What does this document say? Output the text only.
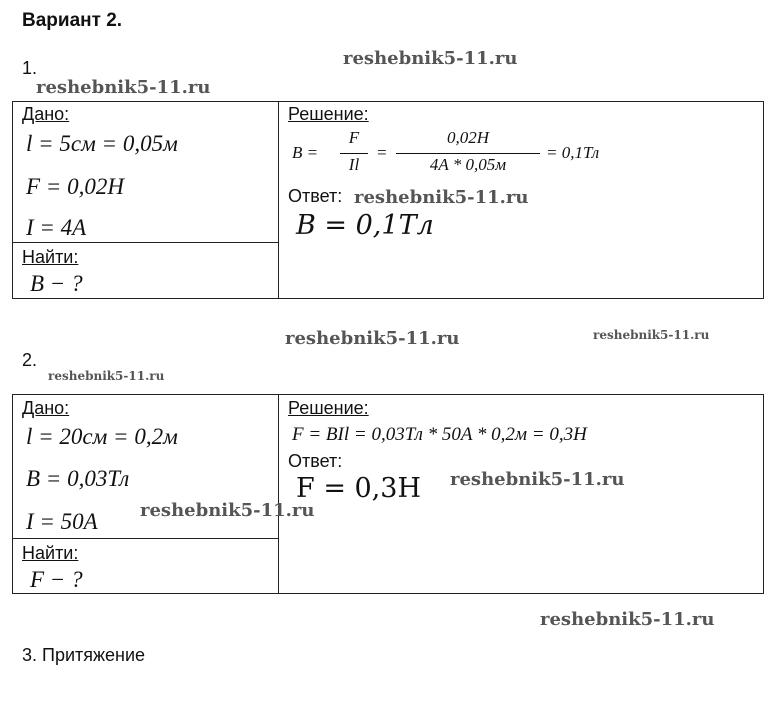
Вариант 2.
1.	reshebnik5-11.ru
reshebnik5-11.ru
Дано:
l = 5см = 0,05м
F = 0,02H
I = 4A
Найти:
B − ?
Решение:
B =
F
Il
=
0,02H
4A * 0,05м
= 0,1Тл
Ответ: reshebnik5-11.ru
B = 0,1Тл
reshebnik5-11.ru	reshebnik5-11.ru
2.
reshebnik5-11.ru
Дано:
l = 20см = 0,2м
B = 0,03Тл
I = 50A reshebnik5-11.ru
Найти:
F − ?
Решение:
F = BIl = 0,03Тл * 50A * 0,2м = 0,3H
Ответ:
F = 0,3H reshebnik5-11.ru
reshebnik5-11.ru
3. Притяжение
